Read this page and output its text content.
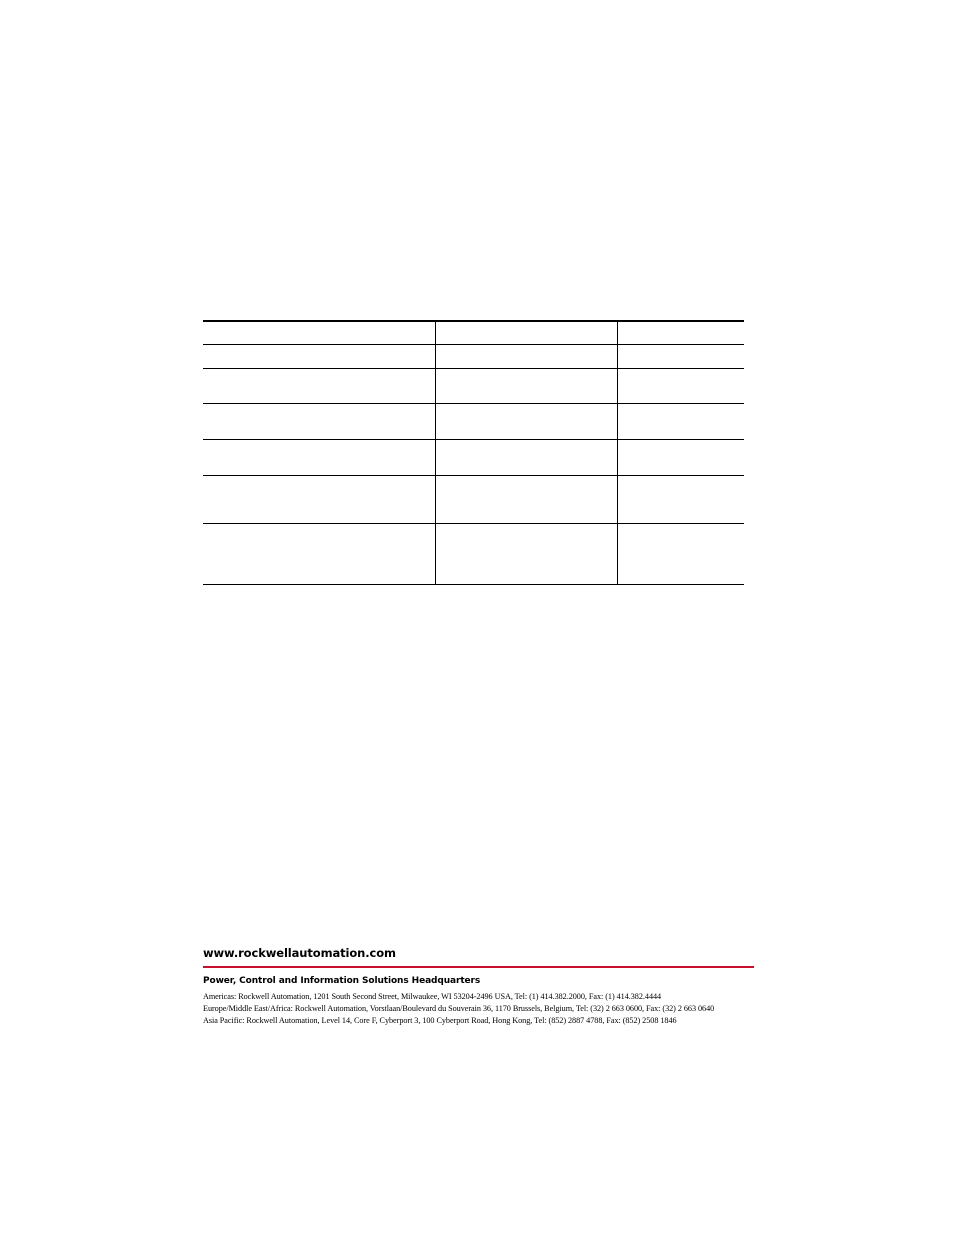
www.rockwellautomation.com

Power, Control and Information Solutions Headquarters

Americas: Rockwell Automation, 1201 South Second Street, Milwaukee, WI 53204-2496 USA, Tel: (1) 414.382.2000, Fax: (1) 414.382.4444

Europe/Middle East/Africa: Rockwell Automation, Vorstlaan/Boulevard du Souverain 36, 1170 Brussels, Belgium, Tel: (32) 2 663 0600, Fax: (32) 2 663 0640

Asia Pacific: Rockwell Automation, Level 14, Core F, Cyberport 3, 100 Cyberport Road, Hong Kong, Tel: (852) 2887 4788, Fax: (852) 2508 1846
